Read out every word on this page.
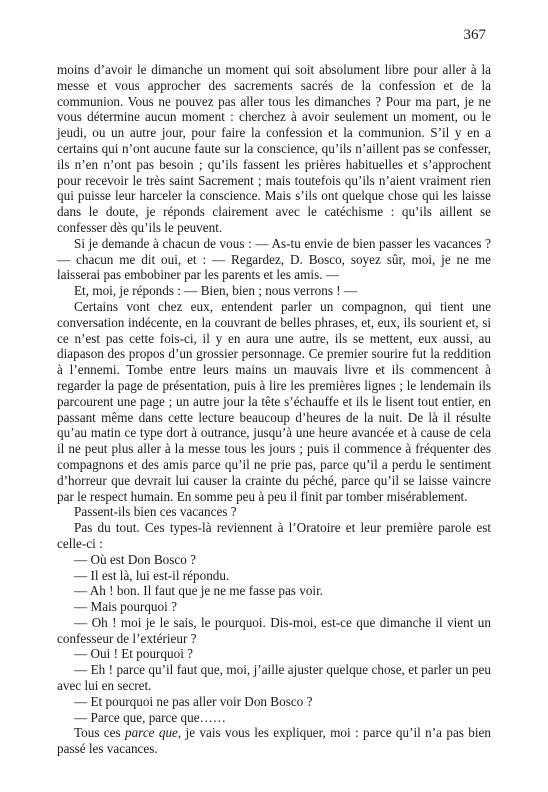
367

moins d’avoir le dimanche un moment qui soit absolument libre pour aller à la messe et vous approcher des sacrements sacrés de la confession et de la communion. Vous ne pouvez pas aller tous les dimanches ? Pour ma part, je ne vous détermine aucun moment : cherchez à avoir seulement un moment, ou le jeudi, ou un autre jour, pour faire la confession et la communion. S’il y en a certains qui n’ont aucune faute sur la conscience, qu’ils n’aillent pas se confesser, ils n’en n’ont pas besoin ; qu’ils fassent les prières habituelles et s’approchent pour recevoir le très saint Sacrement ; mais toutefois qu’ils n’aient vraiment rien qui puisse leur harceler la conscience. Mais s’ils ont quelque chose qui les laisse dans le doute, je réponds clairement avec le catéchisme : qu’ils aillent se confesser dès qu’ils le peuvent.

Si je demande à chacun de vous : — As-tu envie de bien passer les vacances ? — chacun me dit oui, et : — Regardez, D. Bosco, soyez sûr, moi, je ne me laisserai pas embobiner par les parents et les amis. —

Et, moi, je réponds : — Bien, bien ; nous verrons ! —

Certains vont chez eux, entendent parler un compagnon, qui tient une conversation indécente, en la couvrant de belles phrases, et, eux, ils sourient et, si ce n’est pas cette fois-ci, il y en aura une autre, ils se mettent, eux aussi, au diapason des propos d’un grossier personnage. Ce premier sourire fut la reddition à l’ennemi. Tombe entre leurs mains un mauvais livre et ils commencent à regarder la page de présentation, puis à lire les premières lignes ; le lendemain ils parcourent une page ; un autre jour la tête s’échauffe et ils le lisent tout entier, en passant même dans cette lecture beaucoup d’heures de la nuit. De là il résulte qu’au matin ce type dort à outrance, jusqu’à une heure avancée et à cause de cela il ne peut plus aller à la messe tous les jours ; puis il commence à fréquenter des compagnons et des amis parce qu’il ne prie pas, parce qu’il a perdu le sentiment d’horreur que devrait lui causer la crainte du péché, parce qu’il se laisse vaincre par le respect humain. En somme peu à peu il finit par tomber misérablement.

Passent-ils bien ces vacances ?

Pas du tout. Ces types-là reviennent à l’Oratoire et leur première parole est celle-ci :

— Où est Don Bosco ?

— Il est là, lui est-il répondu.

— Ah ! bon. Il faut que je ne me fasse pas voir.

— Mais pourquoi ?

— Oh ! moi je le sais, le pourquoi. Dis-moi, est-ce que dimanche il vient un confesseur de l’extérieur ?

— Oui ! Et pourquoi ?

— Eh ! parce qu’il faut que, moi, j’aille ajuster quelque chose, et parler un peu avec lui en secret.

— Et pourquoi ne pas aller voir Don Bosco ?

— Parce que, parce que……

Tous ces parce que, je vais vous les expliquer, moi : parce qu’il n’a pas bien passé les vacances.
